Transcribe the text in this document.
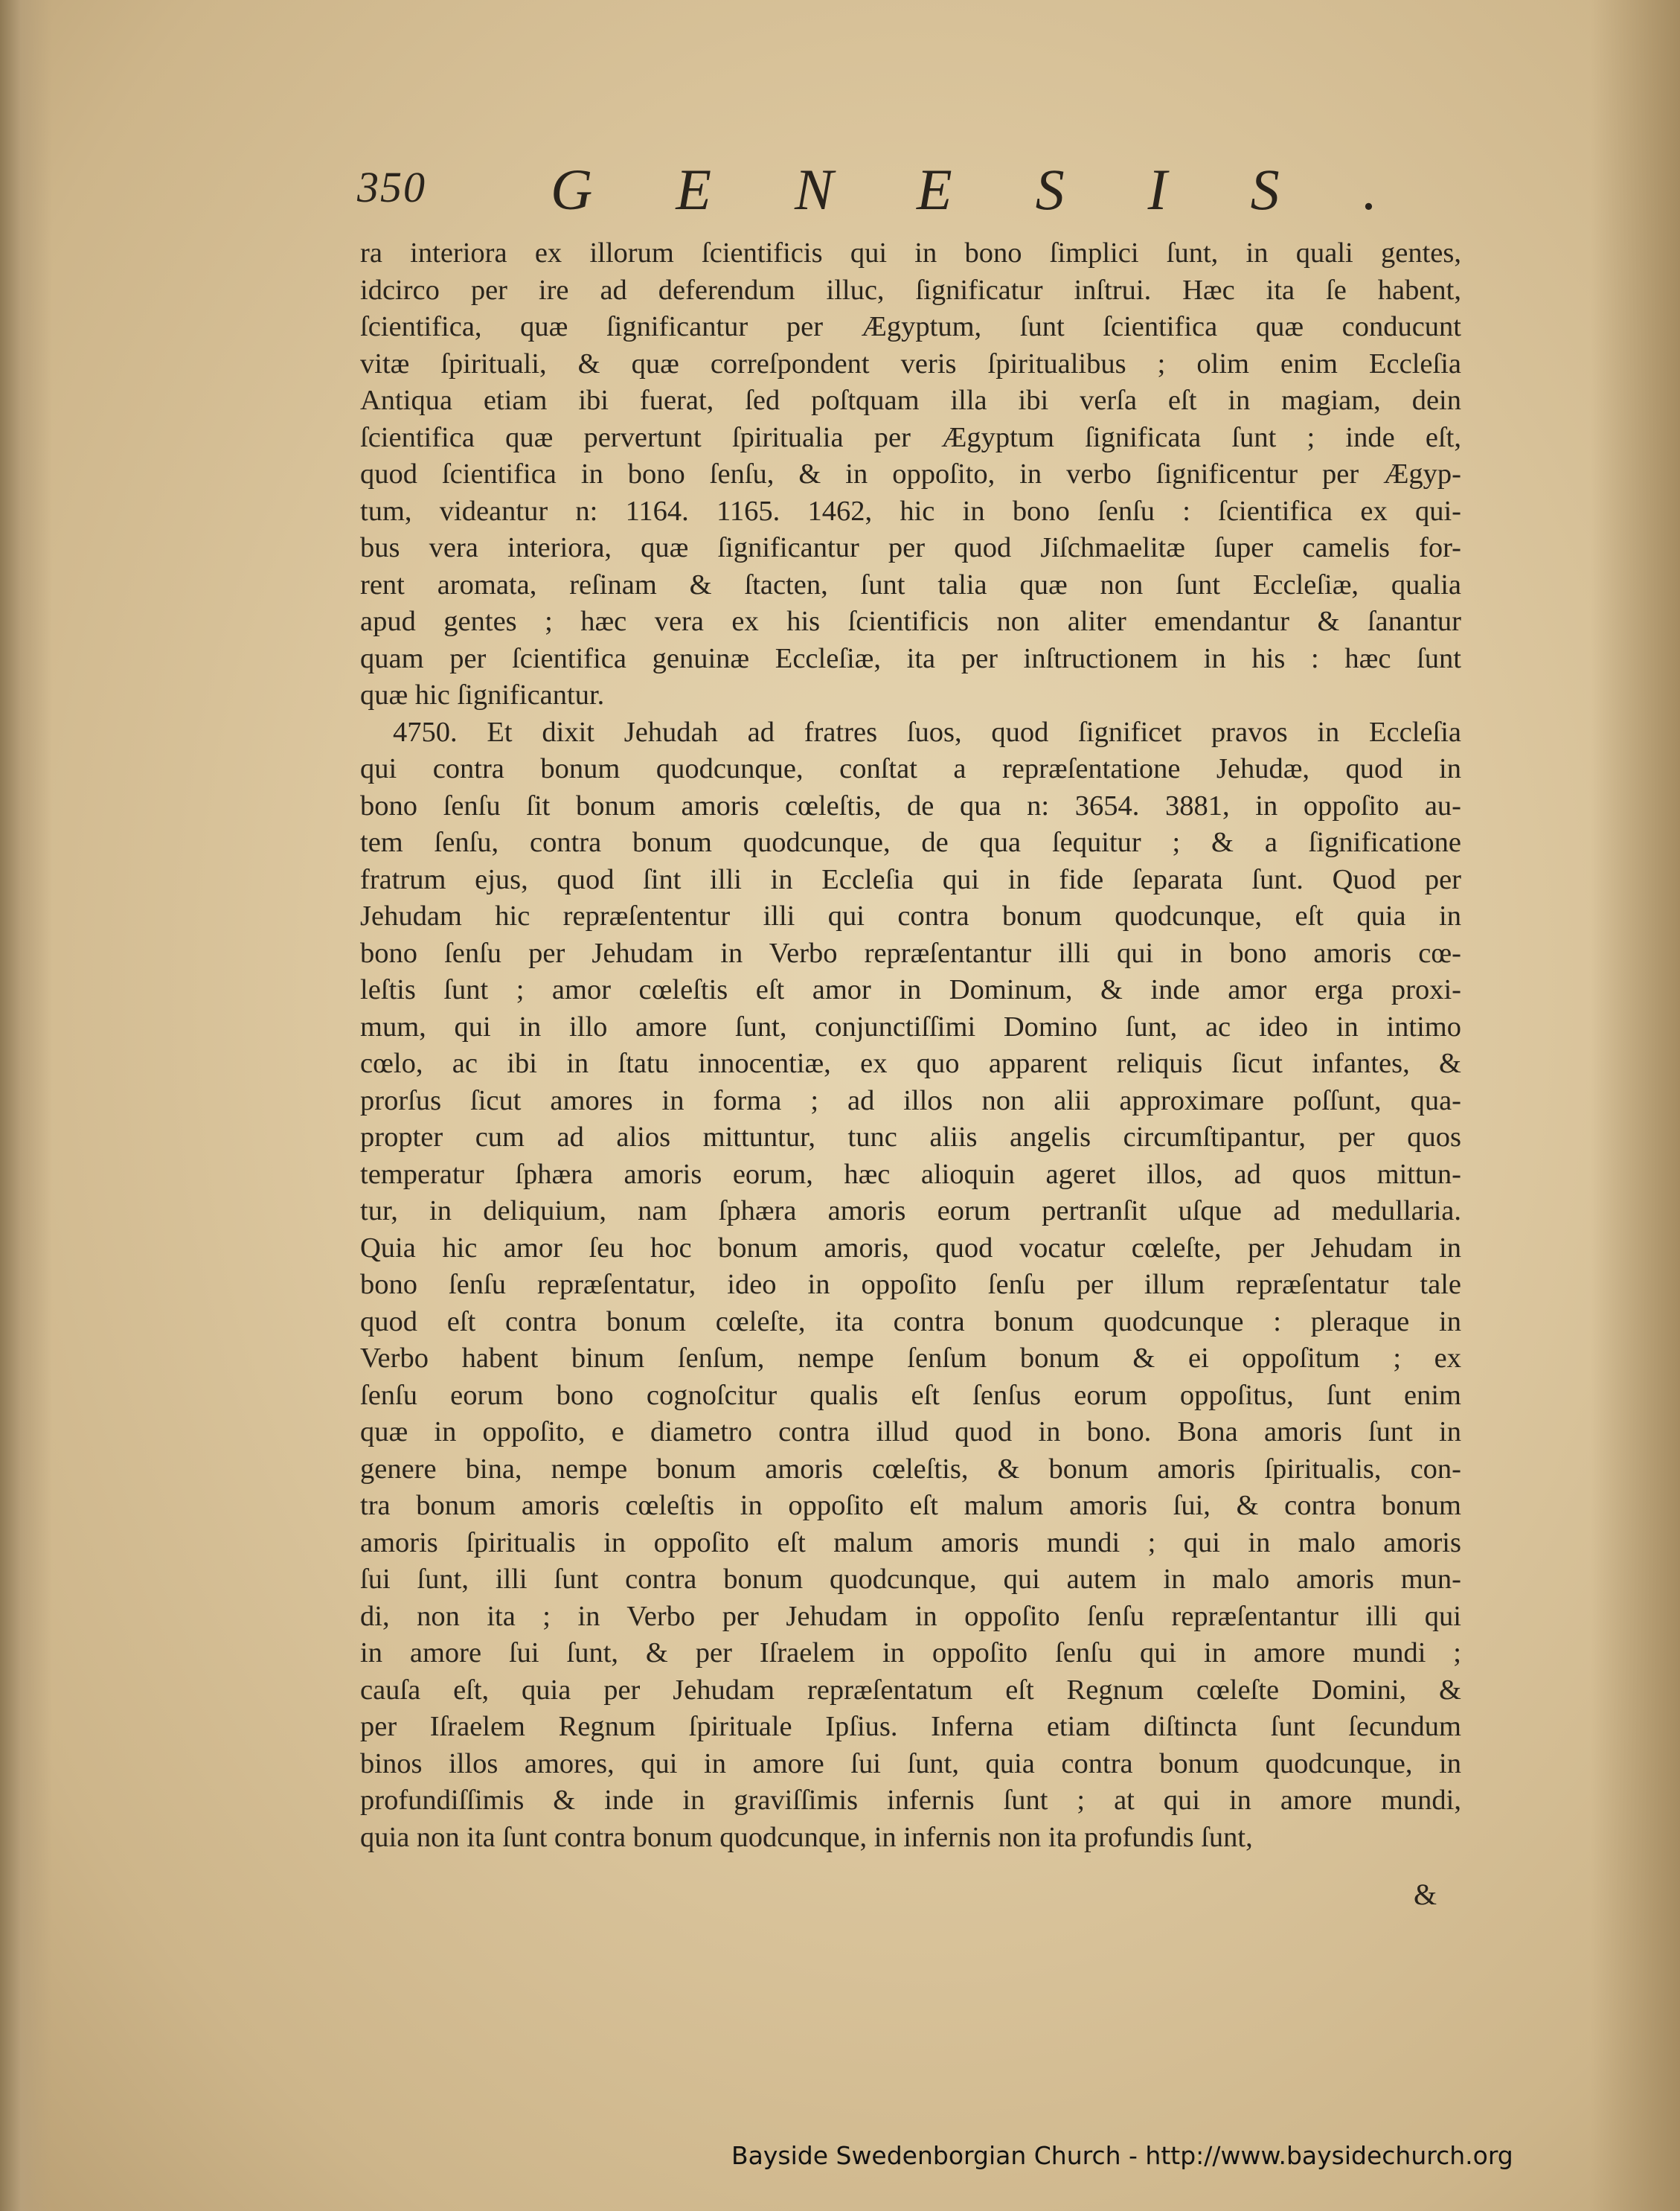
350 GENESIS.
ra interiora ex illorum ſcientificis qui in bono ſimplici ſunt, in quali gentes,
idcirco per ire ad deferendum illuc, ſignificatur inſtrui. Hæc ita ſe habent,
ſcientifica, quæ ſignificantur per Ægyptum, ſunt ſcientifica quæ conducunt
vitæ ſpirituali, & quæ correſpondent veris ſpiritualibus ; olim enim Eccleſia
Antiqua etiam ibi fuerat, ſed poſtquam illa ibi verſa eſt in magiam, dein
ſcientifica quæ pervertunt ſpiritualia per Ægyptum ſignificata ſunt ; inde eſt,
quod ſcientifica in bono ſenſu, & in oppoſito, in verbo ſignificentur per Ægyp-
tum, videantur n: 1164. 1165. 1462, hic in bono ſenſu : ſcientifica ex qui-
bus vera interiora, quæ ſignificantur per quod Jiſchmaelitæ ſuper camelis for-
rent aromata, reſinam & ſtacten, ſunt talia quæ non ſunt Eccleſiæ, qualia
apud gentes ; hæc vera ex his ſcientificis non aliter emendantur & ſanantur
quam per ſcientifica genuinæ Eccleſiæ, ita per inſtructionem in his : hæc ſunt
quæ hic ſignificantur.
4750. Et dixit Jehudah ad fratres ſuos, quod ſignificet pravos in Eccleſia
qui contra bonum quodcunque, conſtat a repræſentatione Jehudæ, quod in
bono ſenſu ſit bonum amoris cœleſtis, de qua n: 3654. 3881, in oppoſito au-
tem ſenſu, contra bonum quodcunque, de qua ſequitur ; & a ſignificatione
fratrum ejus, quod ſint illi in Eccleſia qui in fide ſeparata ſunt. Quod per
Jehudam hic repræſententur illi qui contra bonum quodcunque, eſt quia in
bono ſenſu per Jehudam in Verbo repræſentantur illi qui in bono amoris cœ-
leſtis ſunt ; amor cœleſtis eſt amor in Dominum, & inde amor erga proxi-
mum, qui in illo amore ſunt, conjunctiſſimi Domino ſunt, ac ideo in intimo
cœlo, ac ibi in ſtatu innocentiæ, ex quo apparent reliquis ſicut infantes, &
prorſus ſicut amores in forma ; ad illos non alii approximare poſſunt, qua-
propter cum ad alios mittuntur, tunc aliis angelis circumſtipantur, per quos
temperatur ſphæra amoris eorum, hæc alioquin ageret illos, ad quos mittun-
tur, in deliquium, nam ſphæra amoris eorum pertranſit uſque ad medullaria.
Quia hic amor ſeu hoc bonum amoris, quod vocatur cœleſte, per Jehudam in
bono ſenſu repræſentatur, ideo in oppoſito ſenſu per illum repræſentatur tale
quod eſt contra bonum cœleſte, ita contra bonum quodcunque : pleraque in
Verbo habent binum ſenſum, nempe ſenſum bonum & ei oppoſitum ; ex
ſenſu eorum bono cognoſcitur qualis eſt ſenſus eorum oppoſitus, ſunt enim
quæ in oppoſito, e diametro contra illud quod in bono. Bona amoris ſunt in
genere bina, nempe bonum amoris cœleſtis, & bonum amoris ſpiritualis, con-
tra bonum amoris cœleſtis in oppoſito eſt malum amoris ſui, & contra bonum
amoris ſpiritualis in oppoſito eſt malum amoris mundi ; qui in malo amoris
ſui ſunt, illi ſunt contra bonum quodcunque, qui autem in malo amoris mun-
di, non ita ; in Verbo per Jehudam in oppoſito ſenſu repræſentantur illi qui
in amore ſui ſunt, & per Iſraelem in oppoſito ſenſu qui in amore mundi ;
cauſa eſt, quia per Jehudam repræſentatum eſt Regnum cœleſte Domini, &
per Iſraelem Regnum ſpirituale Ipſius. Inferna etiam diſtincta ſunt ſecundum
binos illos amores, qui in amore ſui ſunt, quia contra bonum quodcunque, in
profundiſſimis & inde in graviſſimis infernis ſunt ; at qui in amore mundi,
quia non ita ſunt contra bonum quodcunque, in infernis non ita profundis ſunt,
&
Bayside Swedenborgian Church - http://www.baysidechurch.org
